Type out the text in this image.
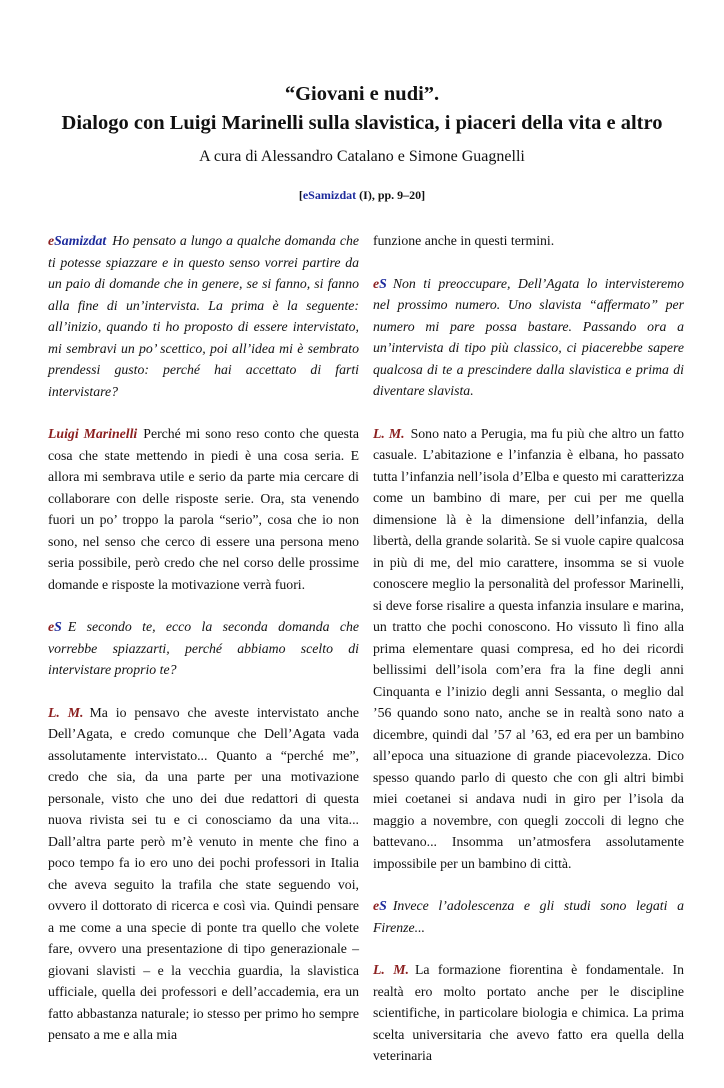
“Giovani e nudi”.
Dialogo con Luigi Marinelli sulla slavistica, i piaceri della vita e altro

A cura di Alessandro Catalano e Simone Guagnelli

[eSamizdat (I), pp. 9–20]

eSamizdat Ho pensato a lungo a qualche domanda che ti potesse spiazzare e in questo senso vorrei partire da un paio di domande che in genere, se si fanno, si fanno alla fine di un’intervista. La prima è la seguente: all’inizio, quando ti ho proposto di essere intervistato, mi sembravi un po’ scettico, poi all’idea mi è sembrato prendessi gusto: perché hai accettato di farti intervistare?

Luigi Marinelli Perché mi sono reso conto che questa cosa che state mettendo in piedi è una cosa seria. E allora mi sembrava utile e serio da parte mia cercare di collaborare con delle risposte serie. Ora, sta venendo fuori un po’ troppo la parola “serio”, cosa che io non sono, nel senso che cerco di essere una persona meno seria possibile, però credo che nel corso delle prossime domande e risposte la motivazione verrà fuori.

eS E secondo te, ecco la seconda domanda che vorrebbe spiazzarti, perché abbiamo scelto di intervistare proprio te?

L. M. Ma io pensavo che aveste intervistato anche Dell’Agata, e credo comunque che Dell’Agata vada assolutamente intervistato... Quanto a “perché me”, credo che sia, da una parte per una motivazione personale, visto che uno dei due redattori di questa nuova rivista sei tu e ci conosciamo da una vita... Dall’altra parte però m’è venuto in mente che fino a poco tempo fa io ero uno dei pochi professori in Italia che aveva seguito la trafila che state seguendo voi, ovvero il dottorato di ricerca e così via. Quindi pensare a me come a una specie di ponte tra quello che volete fare, ovvero una presentazione di tipo generazionale – giovani slavisti – e la vecchia guardia, la slavistica ufficiale, quella dei professori e dell’accademia, era un fatto abbastanza naturale; io stesso per primo ho sempre pensato a me e alla mia

funzione anche in questi termini.

eS Non ti preoccupare, Dell’Agata lo intervisteremo nel prossimo numero. Uno slavista “affermato” per numero mi pare possa bastare. Passando ora a un’intervista di tipo più classico, ci piacerebbe sapere qualcosa di te a prescindere dalla slavistica e prima di diventare slavista.

L. M. Sono nato a Perugia, ma fu più che altro un fatto casuale. L’abitazione e l’infanzia è elbana, ho passato tutta l’infanzia nell’isola d’Elba e questo mi caratterizza come un bambino di mare, per cui per me quella dimensione là è la dimensione dell’infanzia, della libertà, della grande solarità. Se si vuole capire qualcosa in più di me, del mio carattere, insomma se si vuole conoscere meglio la personalità del professor Marinelli, si deve forse risalire a questa infanzia insulare e marina, un tratto che pochi conoscono. Ho vissuto lì fino alla prima elementare quasi compresa, ed ho dei ricordi bellissimi dell’isola com’era fra la fine degli anni Cinquanta e l’inizio degli anni Sessanta, o meglio dal ’56 quando sono nato, anche se in realtà sono nato a dicembre, quindi dal ’57 al ’63, ed era per un bambino all’epoca una situazione di grande piacevolezza. Dico spesso quando parlo di questo che con gli altri bimbi miei coetanei si andava nudi in giro per l’isola da maggio a novembre, con quegli zoccoli di legno che battevano... Insomma un’atmosfera assolutamente impossibile per un bambino di città.

eS Invece l’adolescenza e gli studi sono legati a Firenze...

L. M. La formazione fiorentina è fondamentale. In realtà ero molto portato anche per le discipline scientifiche, in particolare biologia e chimica. La prima scelta universitaria che avevo fatto era quella della veterinaria
